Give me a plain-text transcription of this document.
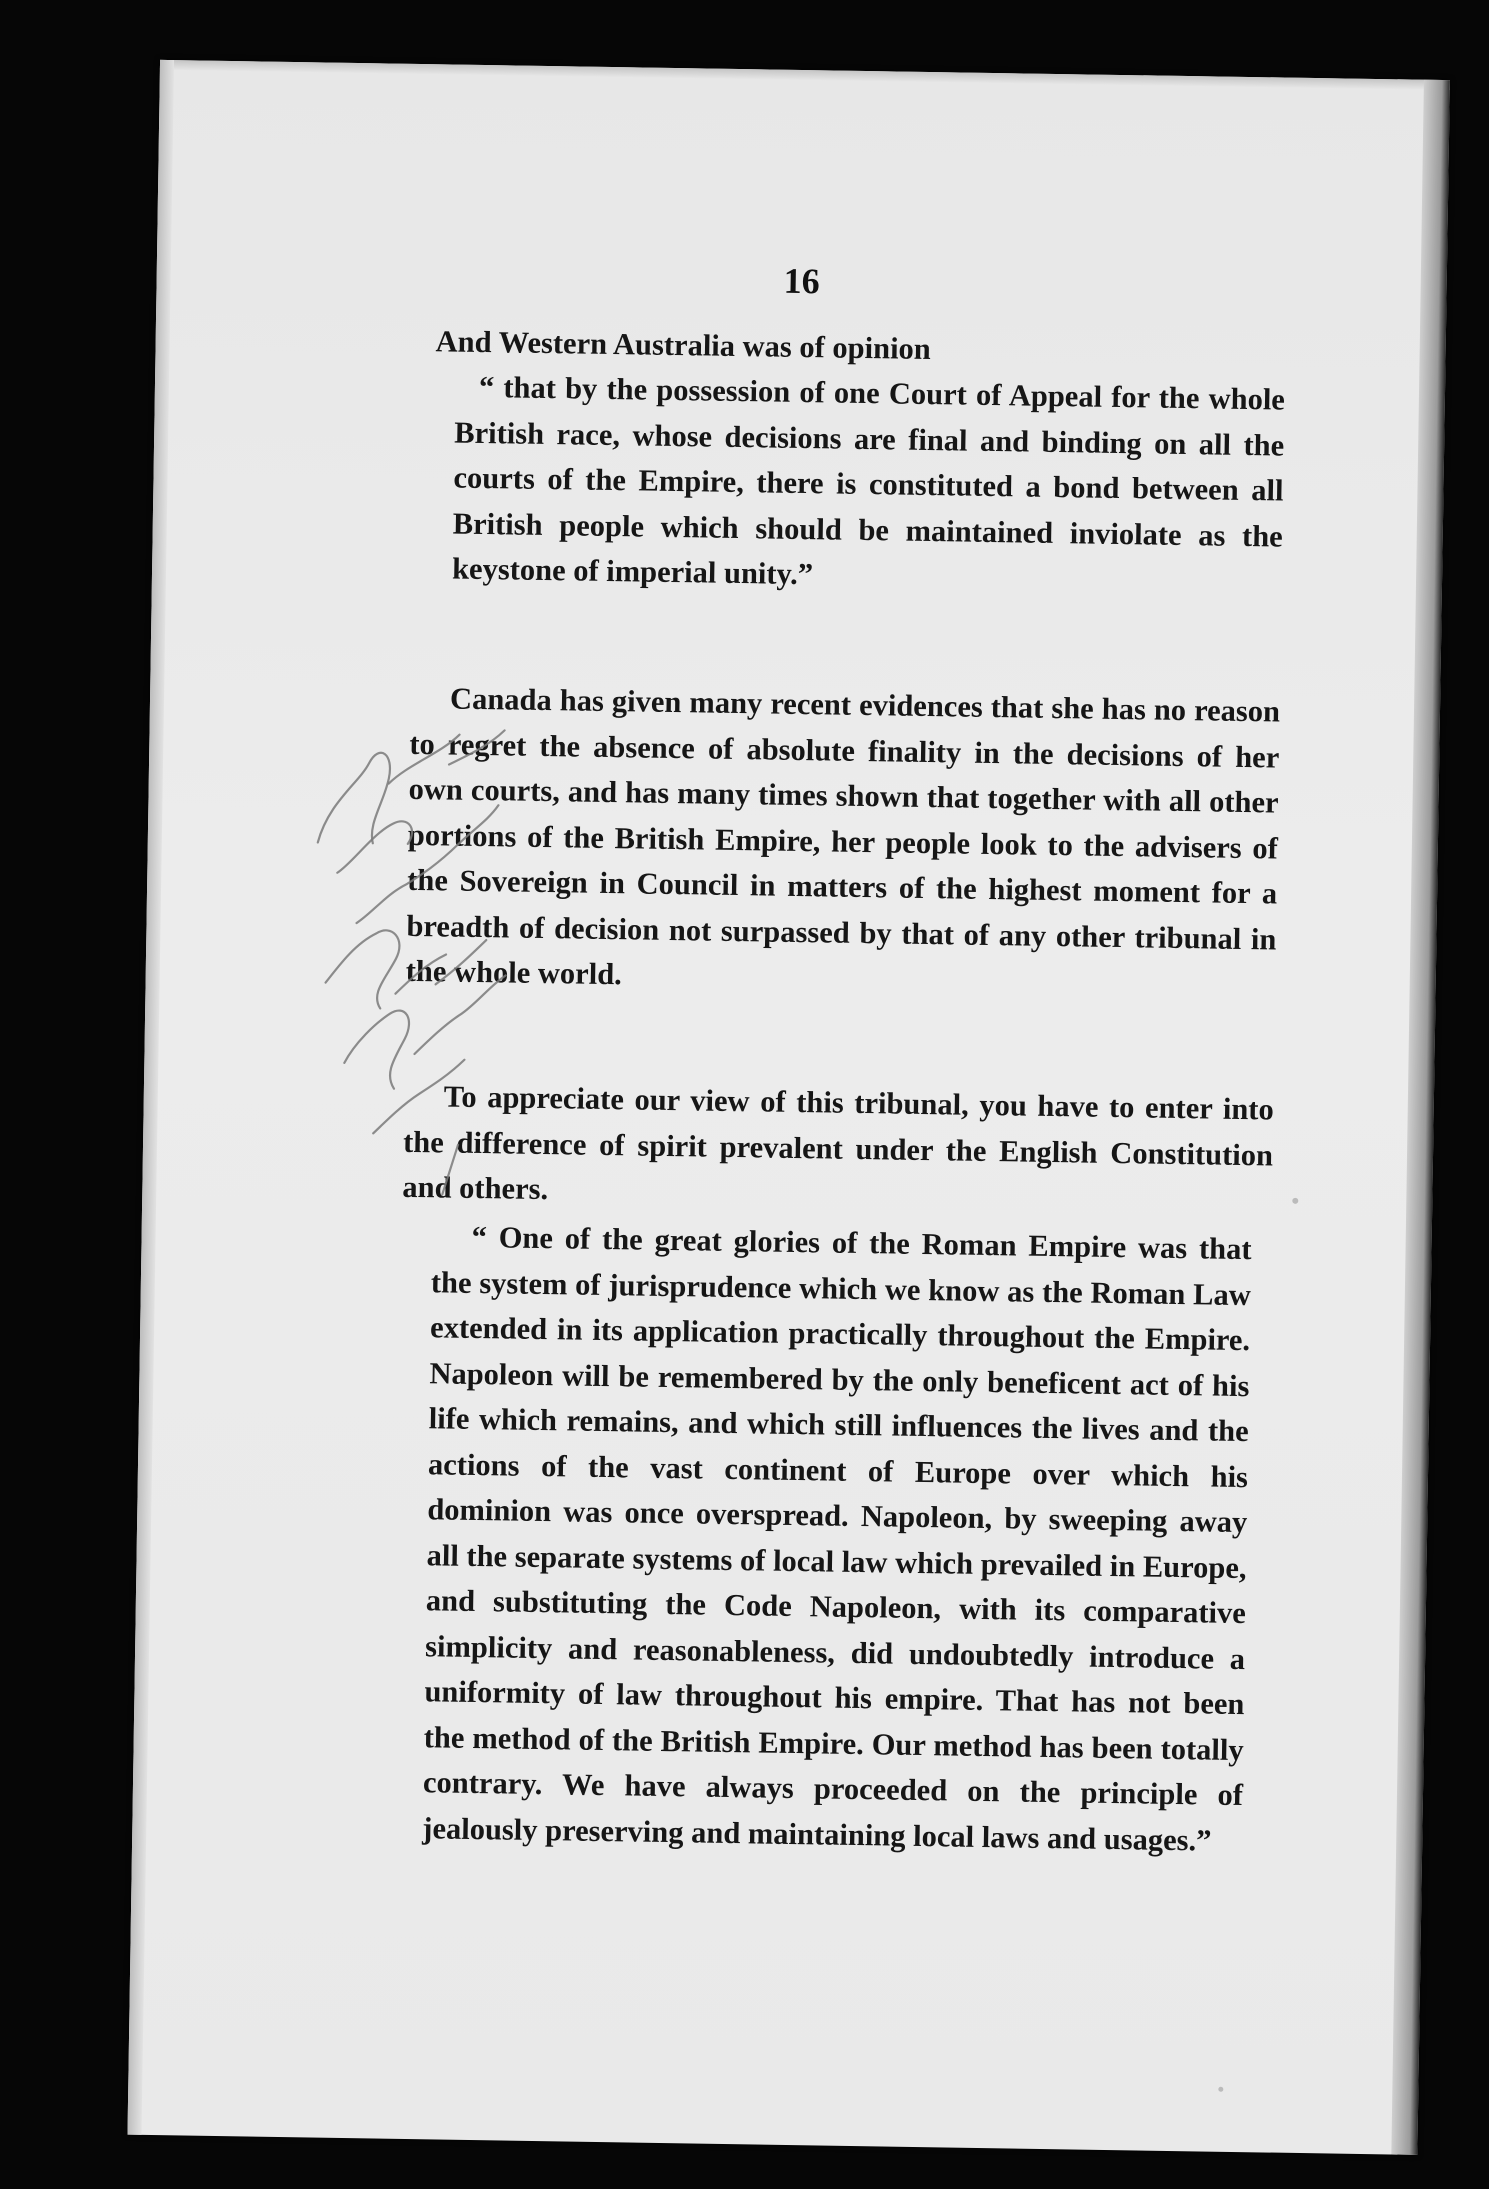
16

And Western Australia was of opinion

“ that by the possession of one Court of Appeal for the whole British race, whose decisions are final and binding on all the courts of the Empire, there is constituted a bond between all British people which should be maintained inviolate as the keystone of imperial unity.”

Canada has given many recent evidences that she has no reason to regret the absence of absolute finality in the decisions of her own courts, and has many times shown that together with all other portions of the British Empire, her people look to the advisers of the Sovereign in Council in matters of the highest moment for a breadth of decision not surpassed by that of any other tribunal in the whole world.

To appreciate our view of this tribunal, you have to enter into the difference of spirit prevalent under the English Constitution and others.

“ One of the great glories of the Roman Empire was that the system of jurisprudence which we know as the Roman Law extended in its application practically throughout the Empire. Napoleon will be remembered by the only beneficent act of his life which remains, and which still influences the lives and the actions of the vast continent of Europe over which his dominion was once overspread. Napoleon, by sweeping away all the separate systems of local law which prevailed in Europe, and substituting the Code Napoleon, with its comparative simplicity and reasonableness, did undoubtedly introduce a uniformity of law throughout his empire. That has not been the method of the British Empire. Our method has been totally contrary. We have always proceeded on the principle of jealously preserving and maintaining local laws and usages.”
